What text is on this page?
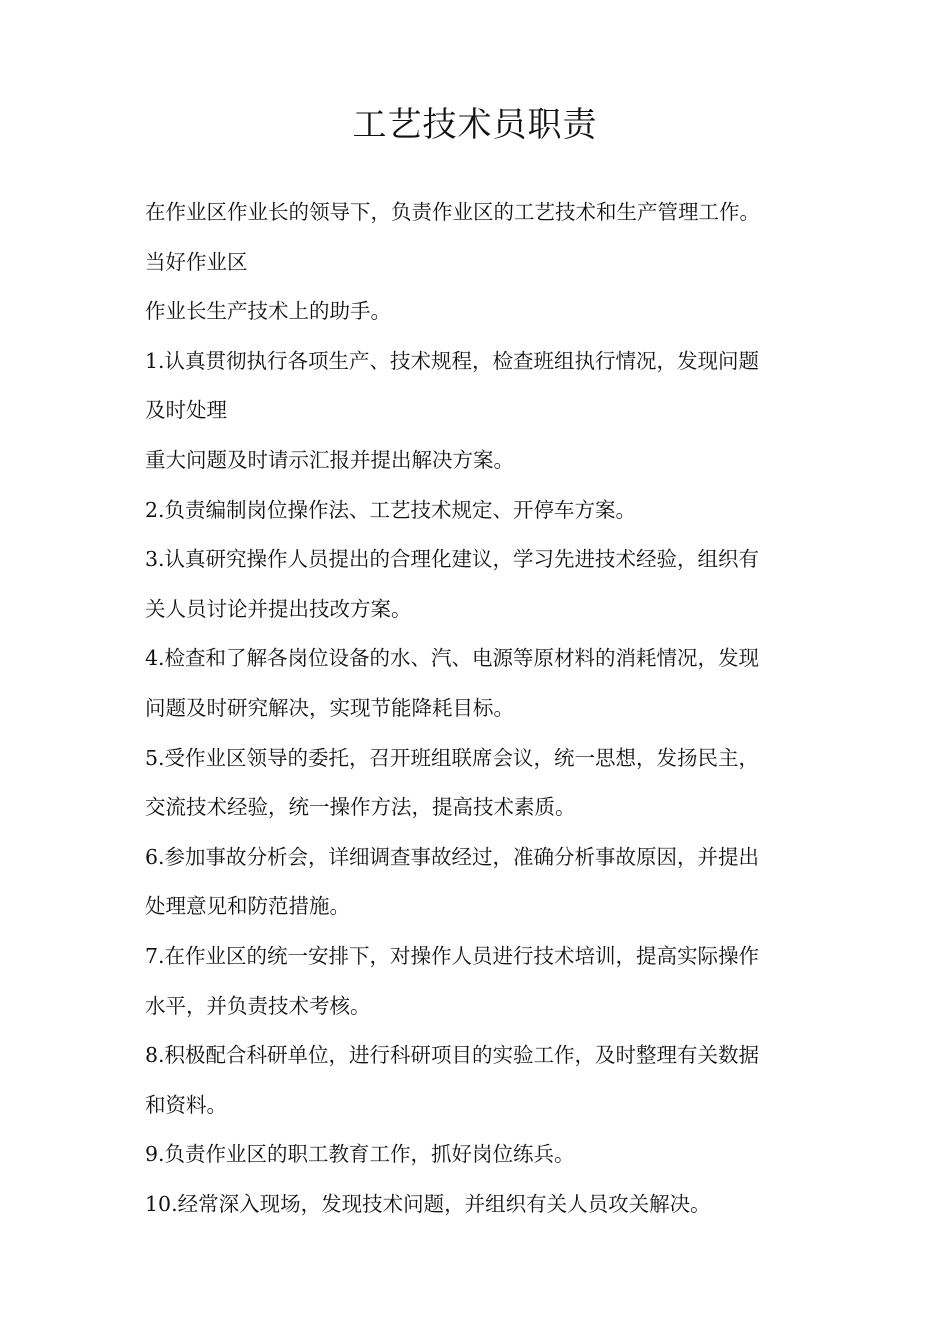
工艺技术员职责
在作业区作业长的领导下，负责作业区的工艺技术和生产管理工作。
当好作业区
作业长生产技术上的助手。
1.认真贯彻执行各项生产、技术规程，检查班组执行情况，发现问题
及时处理
重大问题及时请示汇报并提出解决方案。
2.负责编制岗位操作法、工艺技术规定、开停车方案。
3.认真研究操作人员提出的合理化建议，学习先进技术经验，组织有
关人员讨论并提出技改方案。
4.检查和了解各岗位设备的水、汽、电源等原材料的消耗情况，发现
问题及时研究解决，实现节能降耗目标。
5.受作业区领导的委托，召开班组联席会议，统一思想，发扬民主，
交流技术经验，统一操作方法，提高技术素质。
6.参加事故分析会，详细调查事故经过，准确分析事故原因，并提出
处理意见和防范措施。
7.在作业区的统一安排下，对操作人员进行技术培训，提高实际操作
水平，并负责技术考核。
8.积极配合科研单位，进行科研项目的实验工作，及时整理有关数据
和资料。
9.负责作业区的职工教育工作，抓好岗位练兵。
10.经常深入现场，发现技术问题，并组织有关人员攻关解决。
